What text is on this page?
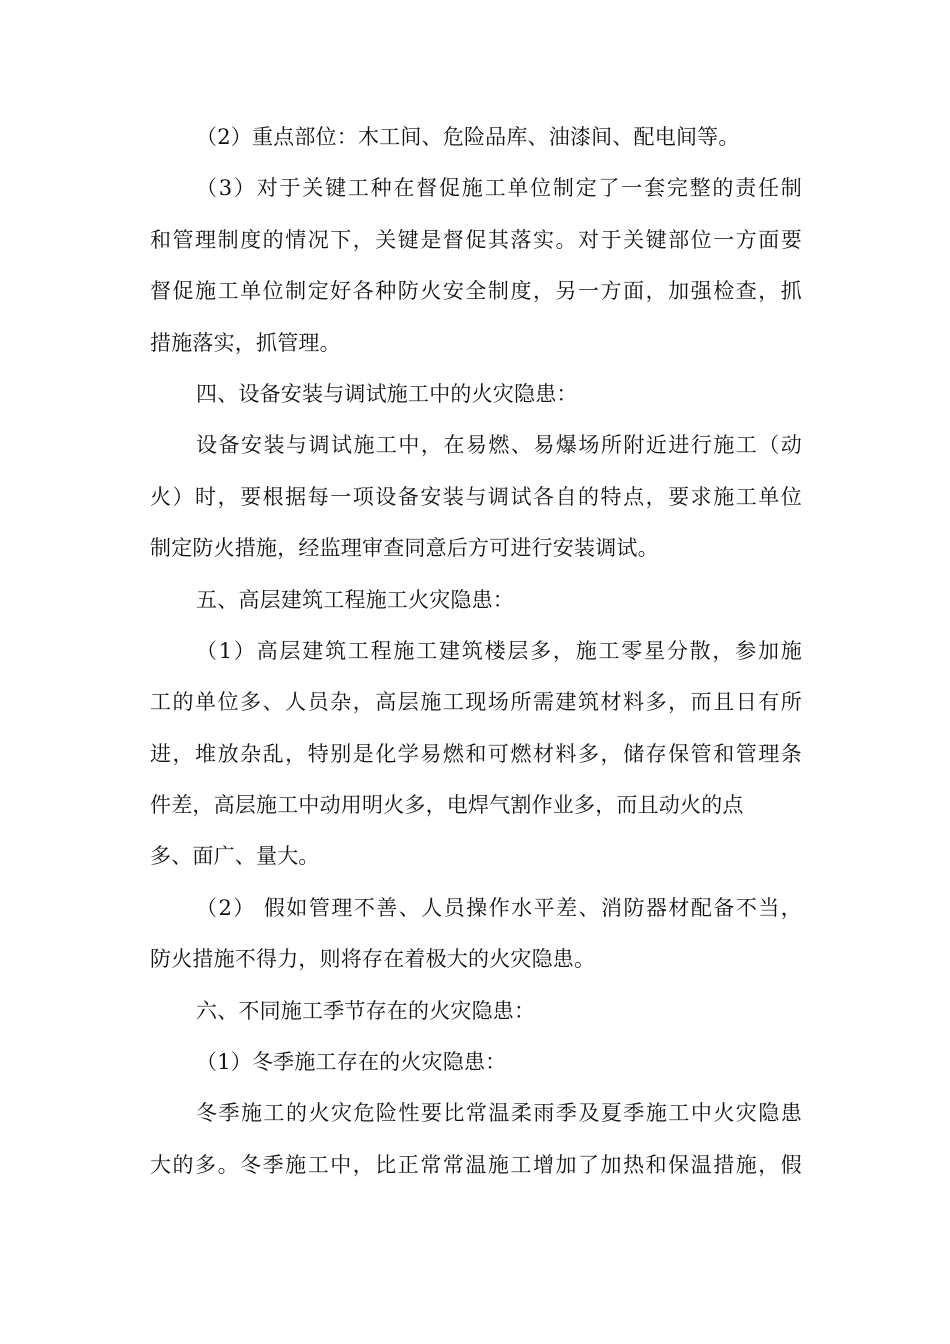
（2）重点部位：木工间、危险品库、油漆间、配电间等。
（3）对于关键工种在督促施工单位制定了一套完整的责任制
和管理制度的情况下，关键是督促其落实。对于关键部位一方面要
督促施工单位制定好各种防火安全制度，另一方面，加强检查，抓
措施落实，抓管理。
四、设备安装与调试施工中的火灾隐患：
设备安装与调试施工中，在易燃、易爆场所附近进行施工（动
火）时，要根据每一项设备安装与调试各自的特点，要求施工单位
制定防火措施，经监理审查同意后方可进行安装调试。
五、高层建筑工程施工火灾隐患：
（1）高层建筑工程施工建筑楼层多，施工零星分散，参加施
工的单位多、人员杂，高层施工现场所需建筑材料多，而且日有所
进，堆放杂乱，特别是化学易燃和可燃材料多，储存保管和管理条
件差，高层施工中动用明火多，电焊气割作业多，而且动火的点
多、面广、量大。
（2） 假如管理不善、人员操作水平差、消防器材配备不当，
防火措施不得力，则将存在着极大的火灾隐患。
六、不同施工季节存在的火灾隐患：
（1）冬季施工存在的火灾隐患：
冬季施工的火灾危险性要比常温柔雨季及夏季施工中火灾隐患
大的多。冬季施工中，比正常常温施工增加了加热和保温措施，假
